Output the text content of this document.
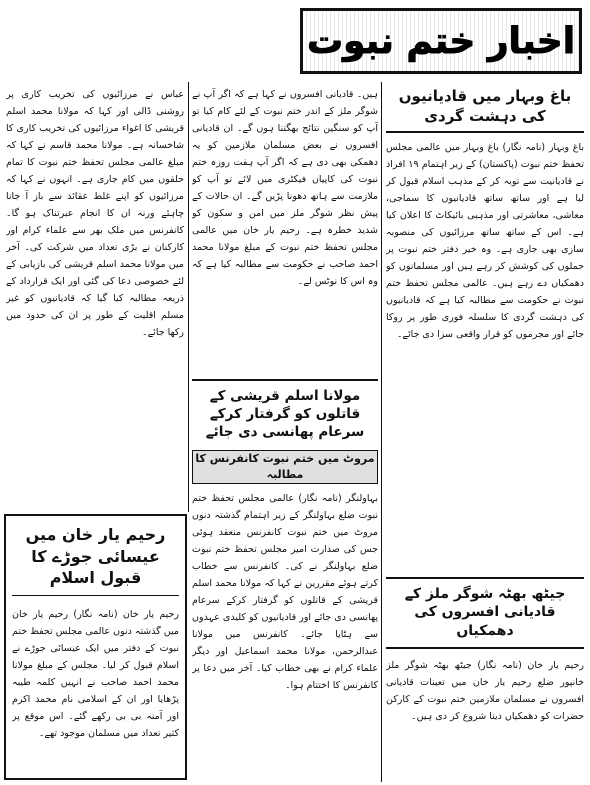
اخبار ختم نبوت
باغ وبہار میں قادیانیوں کی دہشت گردی

باغ وبہار (نامہ نگار) باغ وبہار میں عالمی مجلس تحفظ ختم نبوت (پاکستان) کے زیر اہتمام ۱۹ افراد نے قادیانیت سے توبہ کر کے مذہب اسلام قبول کر لیا ہے اور ساتھ ساتھ قادیانیوں کا سماجی، معاشی، معاشرتی اور مذہبی بائیکاٹ کا اعلان کیا ہے۔ اس کے ساتھ ساتھ مرزائیوں کی منصوبہ سازی بھی جاری ہے۔ وہ خیر دفتر ختم نبوت پر حملوں کی کوشش کر رہے ہیں اور مسلمانوں کو دھمکیاں دے رہے ہیں۔ عالمی مجلس تحفظ ختم نبوت نے حکومت سے مطالبہ کیا ہے کہ قادیانیوں کی دہشت گردی کا سلسلہ فوری طور پر روکا جائے اور مجرموں کو قرار واقعی سزا دی جائے۔

جیٹھ بھٹہ شوگر ملز کے قادیانی افسروں کی دھمکیاں

رحیم یار خان (نامہ نگار) جیٹھ بھٹہ شوگر ملز خانپور ضلع رحیم یار خان میں تعینات قادیانی افسروں نے مسلمان ملازمین ختم نبوت کے کارکن حضرات کو دھمکیاں دینا شروع کر دی ہیں۔

ہیں۔ قادیانی افسروں نے کہا ہے کہ اگر آپ نے شوگر ملز کے اندر ختم نبوت کے لئے کام کیا تو آپ کو سنگین نتائج بھگتنا ہوں گے۔ ان قادیانی افسروں نے بعض مسلمان ملازمین کو یہ دھمکی بھی دی ہے کہ اگر آپ ہفت روزہ ختم نبوت کی کاپیاں فیکٹری میں لائے تو آپ کو ملازمت سے ہاتھ دھونا پڑیں گے۔ ان حالات کے پیش نظر شوگر ملز میں امن و سکون کو شدید خطرہ ہے۔ رحیم یار خان میں عالمی مجلس تحفظ ختم نبوت کے مبلغ مولانا محمد احمد صاحب نے حکومت سے مطالبہ کیا ہے کہ وہ اس کا نوٹس لے۔

مولانا اسلم قریشی کے قاتلوں کو گرفتار کرکے سرعام پھانسی دی جائے
مروٹ میں ختم نبوت کانفرنس کا مطالبہ

بہاولنگر (نامہ نگار) عالمی مجلس تحفظ ختم نبوت ضلع بہاولنگر کے زیر اہتمام گذشتہ دنوں مروٹ میں ختم نبوت کانفرنس منعقد ہوئی جس کی صدارت امیر مجلس تحفظ ختم نبوت ضلع بہاولنگر نے کی۔ کانفرنس سے خطاب کرتے ہوئے مقررین نے کہا کہ مولانا محمد اسلم قریشی کے قاتلوں کو گرفتار کرکے سرعام پھانسی دی جائے اور قادیانیوں کو کلیدی عہدوں سے ہٹایا جائے۔ کانفرنس میں مولانا عبدالرحمن، مولانا محمد اسماعیل اور دیگر علماء کرام نے بھی خطاب کیا۔ آخر میں دعا پر کانفرنس کا اختتام ہوا۔

عباس نے مرزائیوں کی تخریب کاری پر روشنی ڈالی اور کہا کہ مولانا محمد اسلم قریشی کا اغواء مرزائیوں کی تخریب کاری کا شاخسانہ ہے۔ مولانا محمد قاسم نے کہا کہ مبلغ عالمی مجلس تحفظ ختم نبوت کا تمام حلقوں میں کام جاری ہے۔ انہوں نے کہا کہ مرزائیوں کو اپنے غلط عقائد سے باز آ جانا چاہئے ورنہ ان کا انجام عبرتناک ہو گا۔ کانفرنس میں ملک بھر سے علماء کرام اور کارکنان نے بڑی تعداد میں شرکت کی۔ آخر میں مولانا محمد اسلم قریشی کی بازیابی کے لئے خصوصی دعا کی گئی اور ایک قرارداد کے ذریعہ مطالبہ کیا گیا کہ قادیانیوں کو غیر مسلم اقلیت کے طور پر ان کی حدود میں رکھا جائے۔

رحیم یار خان میں عیسائی جوڑے کا قبول اسلام
رحیم یار خان (نامہ نگار) رحیم یار خان میں گذشتہ دنوں عالمی مجلس تحفظ ختم نبوت کے دفتر میں ایک عیسائی جوڑے نے اسلام قبول کر لیا۔ مجلس کے مبلغ مولانا محمد احمد صاحب نے انہیں کلمہ طیبہ پڑھایا اور ان کے اسلامی نام محمد اکرم اور آمنہ بی بی رکھے گئے۔ اس موقع پر کثیر تعداد میں مسلمان موجود تھے۔
